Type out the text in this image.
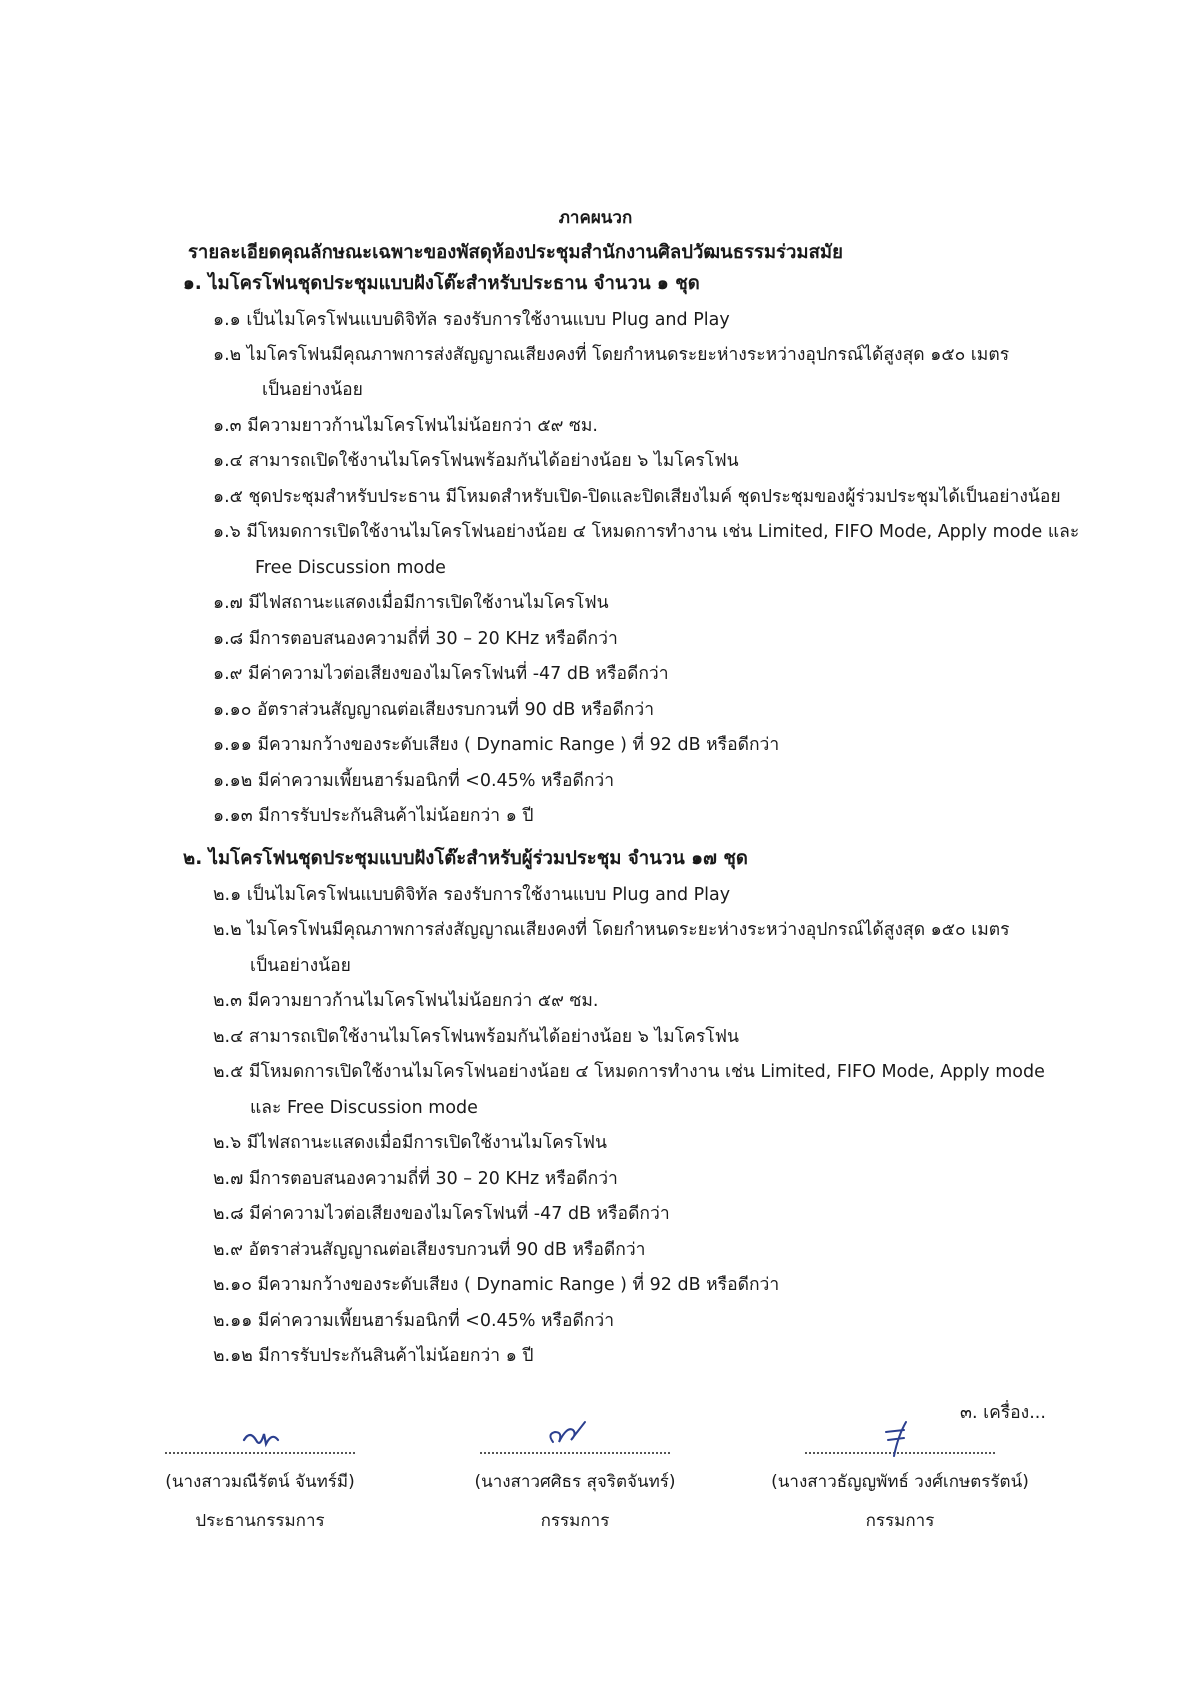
ภาคผนวก
รายละเอียดคุณลักษณะเฉพาะของพัสดุห้องประชุมสำนักงานศิลปวัฒนธรรมร่วมสมัย
๑. ไมโครโฟนชุดประชุมแบบฝังโต๊ะสำหรับประธาน จำนวน ๑ ชุด
๑.๑ เป็นไมโครโฟนแบบดิจิทัล รองรับการใช้งานแบบ Plug and Play
๑.๒ ไมโครโฟนมีคุณภาพการส่งสัญญาณเสียงคงที่ โดยกำหนดระยะห่างระหว่างอุปกรณ์ได้สูงสุด ๑๕๐ เมตร
เป็นอย่างน้อย
๑.๓ มีความยาวก้านไมโครโฟนไม่น้อยกว่า ๕๙ ซม.
๑.๔ สามารถเปิดใช้งานไมโครโฟนพร้อมกันได้อย่างน้อย ๖ ไมโครโฟน
๑.๕ ชุดประชุมสำหรับประธาน มีโหมดสำหรับเปิด-ปิดและปิดเสียงไมค์ ชุดประชุมของผู้ร่วมประชุมได้เป็นอย่างน้อย
๑.๖ มีโหมดการเปิดใช้งานไมโครโฟนอย่างน้อย ๔ โหมดการทำงาน เช่น Limited, FIFO Mode, Apply mode และ
Free Discussion mode
๑.๗ มีไฟสถานะแสดงเมื่อมีการเปิดใช้งานไมโครโฟน
๑.๘ มีการตอบสนองความถี่ที่ 30 – 20 KHz หรือดีกว่า
๑.๙ มีค่าความไวต่อเสียงของไมโครโฟนที่ -47 dB หรือดีกว่า
๑.๑๐ อัตราส่วนสัญญาณต่อเสียงรบกวนที่ 90 dB หรือดีกว่า
๑.๑๑ มีความกว้างของระดับเสียง ( Dynamic Range ) ที่ 92 dB หรือดีกว่า
๑.๑๒ มีค่าความเพี้ยนฮาร์มอนิกที่ <0.45% หรือดีกว่า
๑.๑๓ มีการรับประกันสินค้าไม่น้อยกว่า ๑ ปี
๒. ไมโครโฟนชุดประชุมแบบฝังโต๊ะสำหรับผู้ร่วมประชุม จำนวน ๑๗ ชุด
๒.๑ เป็นไมโครโฟนแบบดิจิทัล รองรับการใช้งานแบบ Plug and Play
๒.๒ ไมโครโฟนมีคุณภาพการส่งสัญญาณเสียงคงที่ โดยกำหนดระยะห่างระหว่างอุปกรณ์ได้สูงสุด ๑๕๐ เมตร
เป็นอย่างน้อย
๒.๓ มีความยาวก้านไมโครโฟนไม่น้อยกว่า ๕๙ ซม.
๒.๔ สามารถเปิดใช้งานไมโครโฟนพร้อมกันได้อย่างน้อย ๖ ไมโครโฟน
๒.๕ มีโหมดการเปิดใช้งานไมโครโฟนอย่างน้อย ๔ โหมดการทำงาน เช่น Limited, FIFO Mode, Apply mode
และ Free Discussion mode
๒.๖ มีไฟสถานะแสดงเมื่อมีการเปิดใช้งานไมโครโฟน
๒.๗ มีการตอบสนองความถี่ที่ 30 – 20 KHz หรือดีกว่า
๒.๘ มีค่าความไวต่อเสียงของไมโครโฟนที่ -47 dB หรือดีกว่า
๒.๙ อัตราส่วนสัญญาณต่อเสียงรบกวนที่ 90 dB หรือดีกว่า
๒.๑๐ มีความกว้างของระดับเสียง ( Dynamic Range ) ที่ 92 dB หรือดีกว่า
๒.๑๑ มีค่าความเพี้ยนฮาร์มอนิกที่ <0.45% หรือดีกว่า
๒.๑๒ มีการรับประกันสินค้าไม่น้อยกว่า ๑ ปี
๓. เครื่อง...
(นางสาวมณีรัตน์ จันทร์มี)
ประธานกรรมการ
(นางสาวศศิธร สุจริตจันทร์)
กรรมการ
(นางสาวธัญญพัทธ์ วงศ์เกษตรรัตน์)
กรรมการ
